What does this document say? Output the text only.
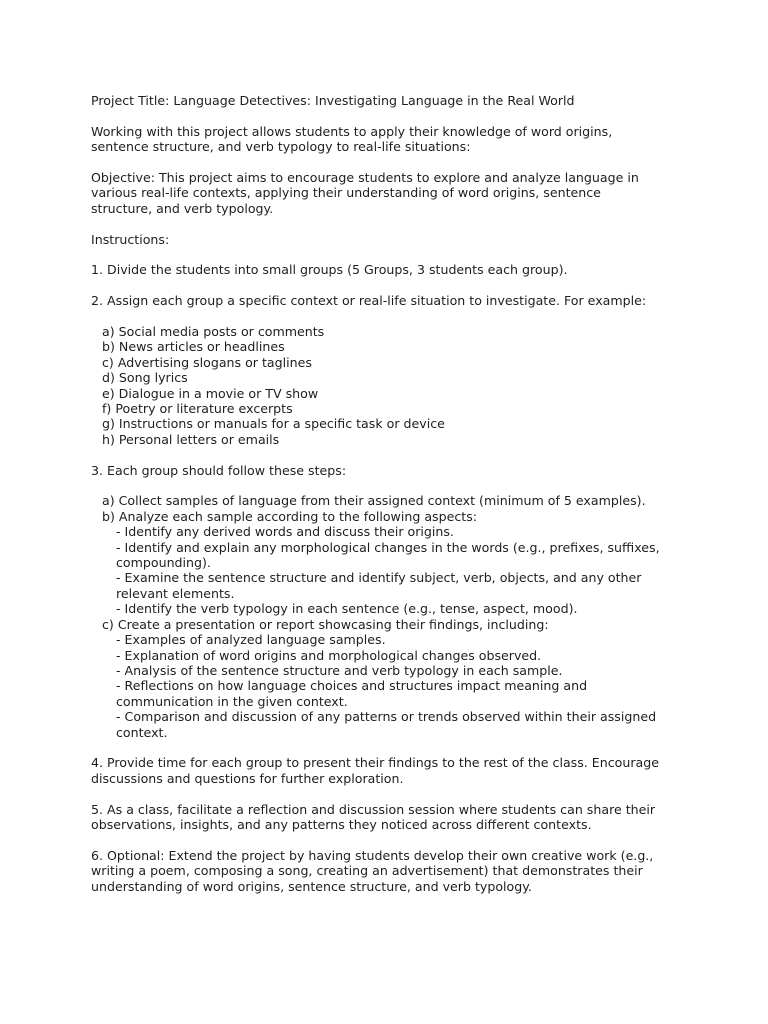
Project Title: Language Detectives: Investigating Language in the Real World

Working with this project allows students to apply their knowledge of word origins, sentence structure, and verb typology to real-life situations:

Objective: This project aims to encourage students to explore and analyze language in various real-life contexts, applying their understanding of word origins, sentence structure, and verb typology.

Instructions:

1. Divide the students into small groups (5 Groups, 3 students each group).

2. Assign each group a specific context or real-life situation to investigate. For example:

a) Social media posts or comments

b) News articles or headlines

c) Advertising slogans or taglines

d) Song lyrics

e) Dialogue in a movie or TV show

f) Poetry or literature excerpts

g) Instructions or manuals for a specific task or device

h) Personal letters or emails

3. Each group should follow these steps:

a) Collect samples of language from their assigned context (minimum of 5 examples).

b) Analyze each sample according to the following aspects:

- Identify any derived words and discuss their origins.

- Identify and explain any morphological changes in the words (e.g., prefixes, suffixes, compounding).

- Examine the sentence structure and identify subject, verb, objects, and any other relevant elements.

- Identify the verb typology in each sentence (e.g., tense, aspect, mood).

c) Create a presentation or report showcasing their findings, including:

- Examples of analyzed language samples.

- Explanation of word origins and morphological changes observed.

- Analysis of the sentence structure and verb typology in each sample.

- Reflections on how language choices and structures impact meaning and communication in the given context.

- Comparison and discussion of any patterns or trends observed within their assigned context.

4. Provide time for each group to present their findings to the rest of the class. Encourage discussions and questions for further exploration.

5. As a class, facilitate a reflection and discussion session where students can share their observations, insights, and any patterns they noticed across different contexts.

6. Optional: Extend the project by having students develop their own creative work (e.g., writing a poem, composing a song, creating an advertisement) that demonstrates their understanding of word origins, sentence structure, and verb typology.
